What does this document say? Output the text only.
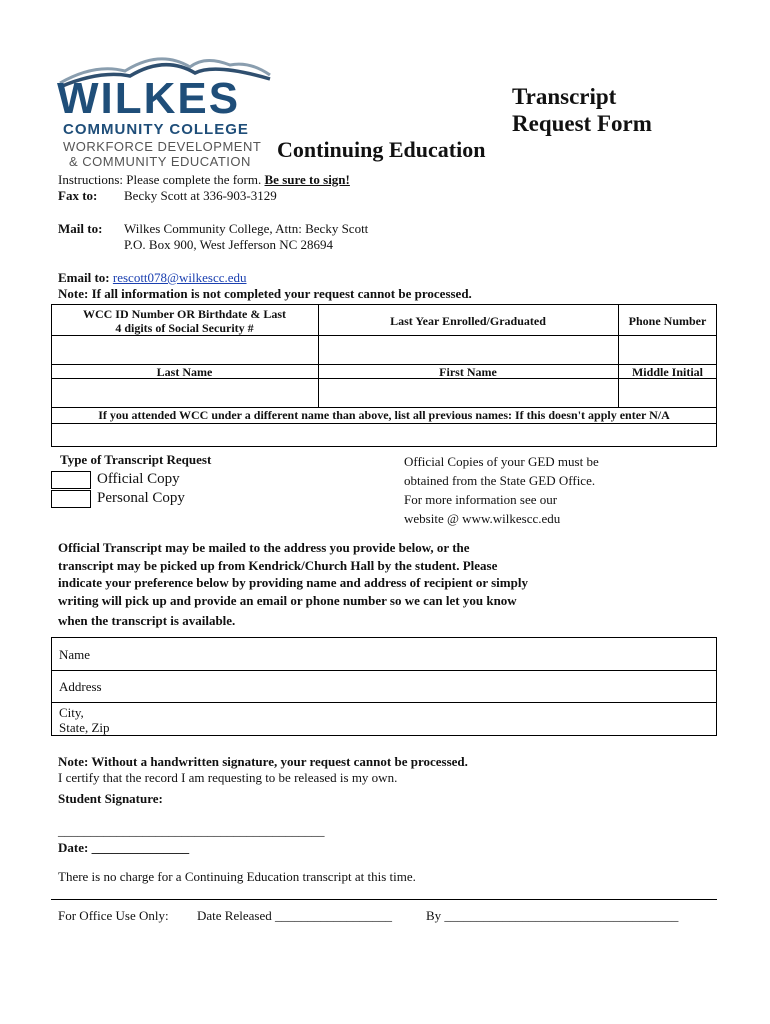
WILKES
COMMUNITY COLLEGE
WORKFORCE DEVELOPMENT
& COMMUNITY EDUCATION
Transcript
Request Form
Continuing Education
Instructions: Please complete the form. Be sure to sign!
Fax to: Becky Scott at 336-903-3129
Mail to: Wilkes Community College, Attn: Becky Scott
P.O. Box 900, West Jefferson NC 28694
Email to: rescott078@wilkescc.edu
Note: If all information is not completed your request cannot be processed.
WCC ID Number OR Birthdate & Last
4 digits of Social Security #	Last Year Enrolled/Graduated	Phone Number
Last Name	First Name	Middle Initial
If you attended WCC under a different name than above, list all previous names: If this doesn't apply enter N/A
Type of Transcript Request
Official Copy
Personal Copy
Official Copies of your GED must be
obtained from the State GED Office.
For more information see our
website @ www.wilkescc.edu
Official Transcript may be mailed to the address you provide below, or the
transcript may be picked up from Kendrick/Church Hall by the student. Please
indicate your preference below by providing name and address of recipient or simply
writing will pick up and provide an email or phone number so we can let you know
when the transcript is available.
Name
Address
City,
State, Zip
Note: Without a handwritten signature, your request cannot be processed.
I certify that the record I am requesting to be released is my own.
Student Signature:
_________________________________________
Date: _______________
There is no charge for a Continuing Education transcript at this time.
For Office Use Only: Date Released __________________	By ____________________________________
